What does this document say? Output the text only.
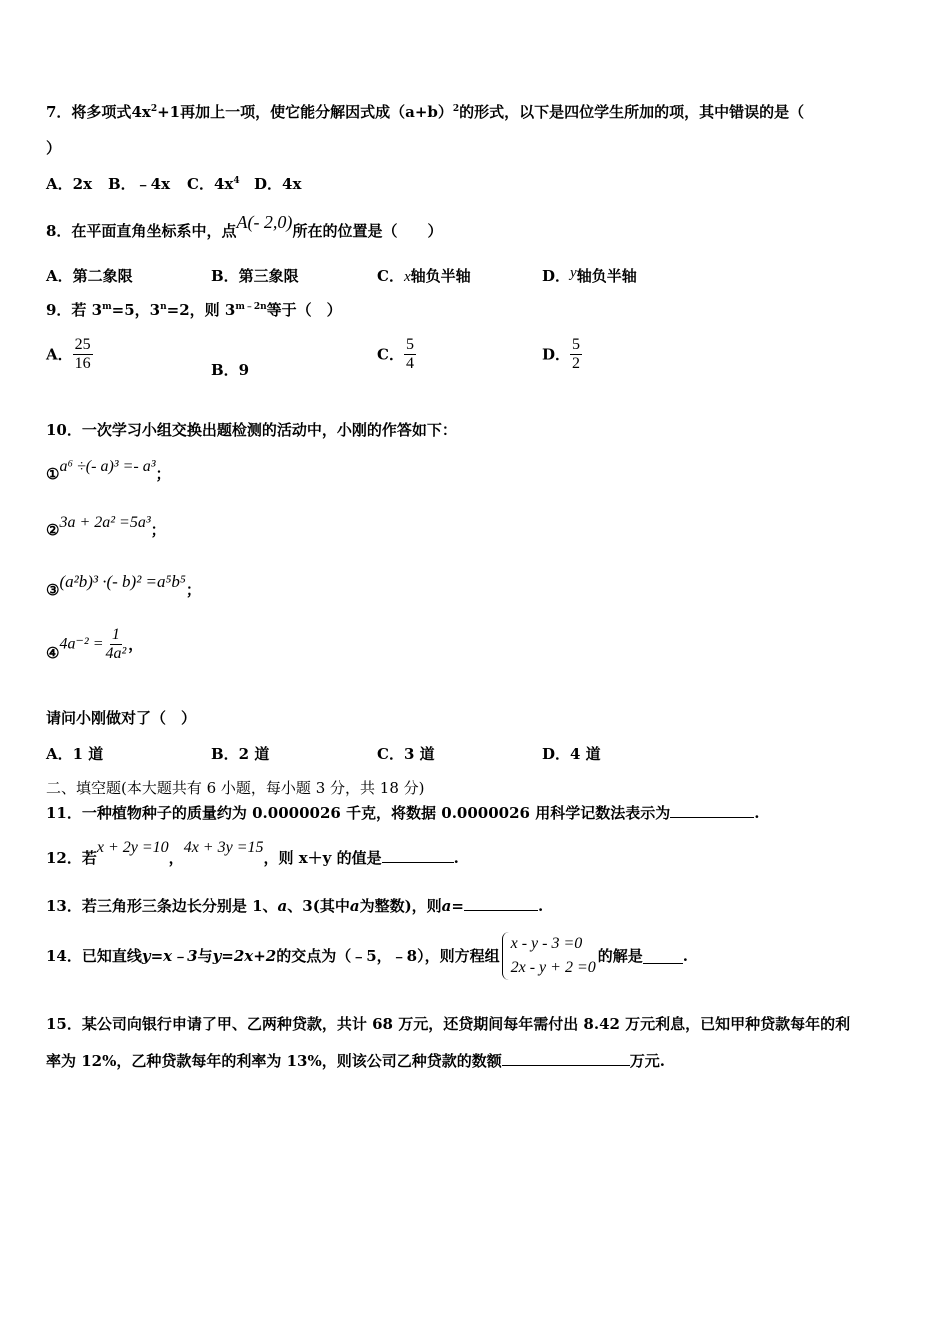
7．将多项式$4x^2+1$再加上一项，使它能分解因式成$(a+b)^2$的形式，以下是四位学生所加的项，其中错误的是（
）
A．2x B．﹣4x C．$4x^4$ D．4x
8．在平面直角坐标系中，点A(- 2,0)所在的位置是（　　）
A．第二象限	B．第三象限	C．x轴负半轴	D．y轴负半轴
9．若 $3^m=5$，$3^n=2$，则 $3^{m﹣2n}$等于（　）
A． $\frac{25}{16}$	B．9
C． $\frac{5}{4}$	D． $\frac{5}{2}$
10．一次学习小组交换出题检测的活动中，小刚的作答如下：
①a⁶ ÷(- a)³ =- a³；
②3a + 2a² =5a³；
③(a²b)³ ·(- b)² =a⁵b⁵；
④4a⁻² = $\frac{1}{\text{4a²}}$ ，
请问小刚做对了（　）
A．1 道	B．2 道	C．3 道	D．4 道
二、填空题(本大题共有 6 小题，每小题 3 分，共 18 分)
11．一种植物种子的质量约为 0.0000026 千克，将数据 0.0000026 用科学记数法表示为	.
12．若x + 2y =10，4x + 3y =15，则 x＋y 的值是	.
13．若三角形三条边长分别是 1、a、3(其中a为整数)，则a=	.
14．已知直线 y=x﹣3 与 y=2x+2 的交点为（﹣5，﹣8），则方程组
x - y - 3 =0
2x - y + 2 =0
的解是	.
15．某公司向银行申请了甲、乙两种贷款，共计 68 万元，还贷期间每年需付出 8.42 万元利息，已知甲种贷款每年的利
率为 12%，乙种贷款每年的利率为 13%，则该公司乙种贷款的数额	万元.
